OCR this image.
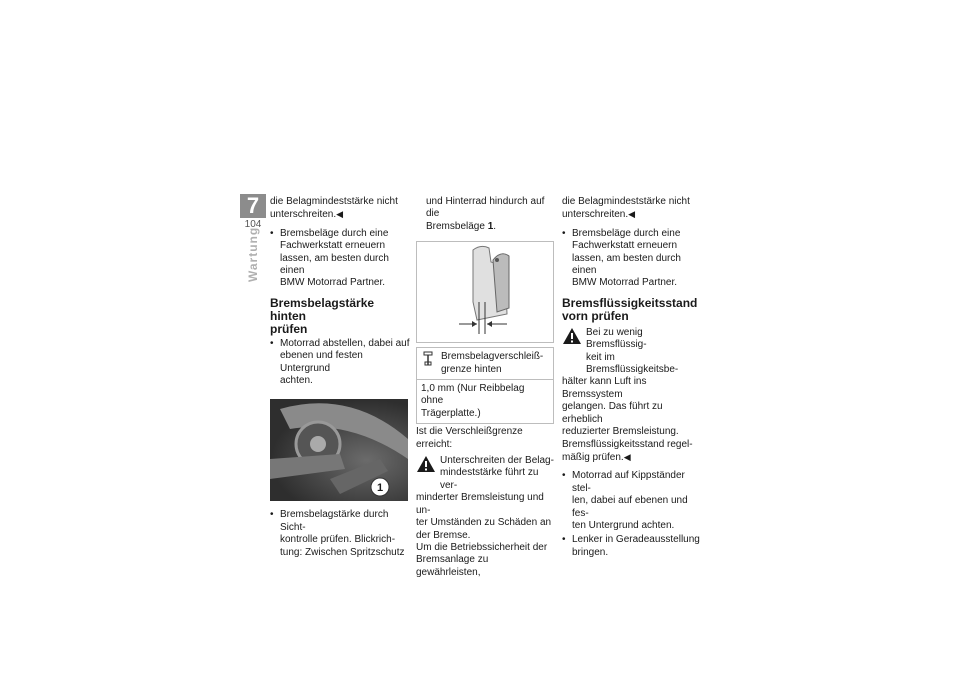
7
104
Wartung

die Belagmindeststärke nicht
unterschreiten.◀

• Bremsbeläge durch eine
Fachwerkstatt erneuern
lassen, am besten durch einen
BMW Motorrad Partner.
Bremsbelagstärke hinten
prüfen
• Motorrad abstellen, dabei auf
ebenen und festen Untergrund
achten.
1
• Bremsbelagstärke durch Sicht-
kontrolle prüfen. Blickrich-
tung: Zwischen Spritzschutz

und Hinterrad hindurch auf die
Bremsbeläge 1.

Bremsbelagverschleiß-
grenze hinten
1,0 mm (Nur Reibbelag ohne
Trägerplatte.)

Ist die Verschleißgrenze erreicht:

Unterschreiten der Belag-
mindeststärke führt zu ver-

minderter Bremsleistung und un-
ter Umständen zu Schäden an
der Bremse.
Um die Betriebssicherheit der
Bremsanlage zu gewährleisten,

die Belagmindeststärke nicht
unterschreiten.◀

• Bremsbeläge durch eine
Fachwerkstatt erneuern
lassen, am besten durch einen
BMW Motorrad Partner.
Bremsflüssigkeitsstand
vorn prüfen
Bei zu wenig Bremsflüssig-
keit im Bremsflüssigkeitsbe-

hälter kann Luft ins Bremssystem
gelangen. Das führt zu erheblich
reduzierter Bremsleistung.
Bremsflüssigkeitsstand regel-
mäßig prüfen.◀

• Motorrad auf Kippständer stel-
len, dabei auf ebenen und fes-
ten Untergrund achten.
• Lenker in Geradeausstellung
bringen.
